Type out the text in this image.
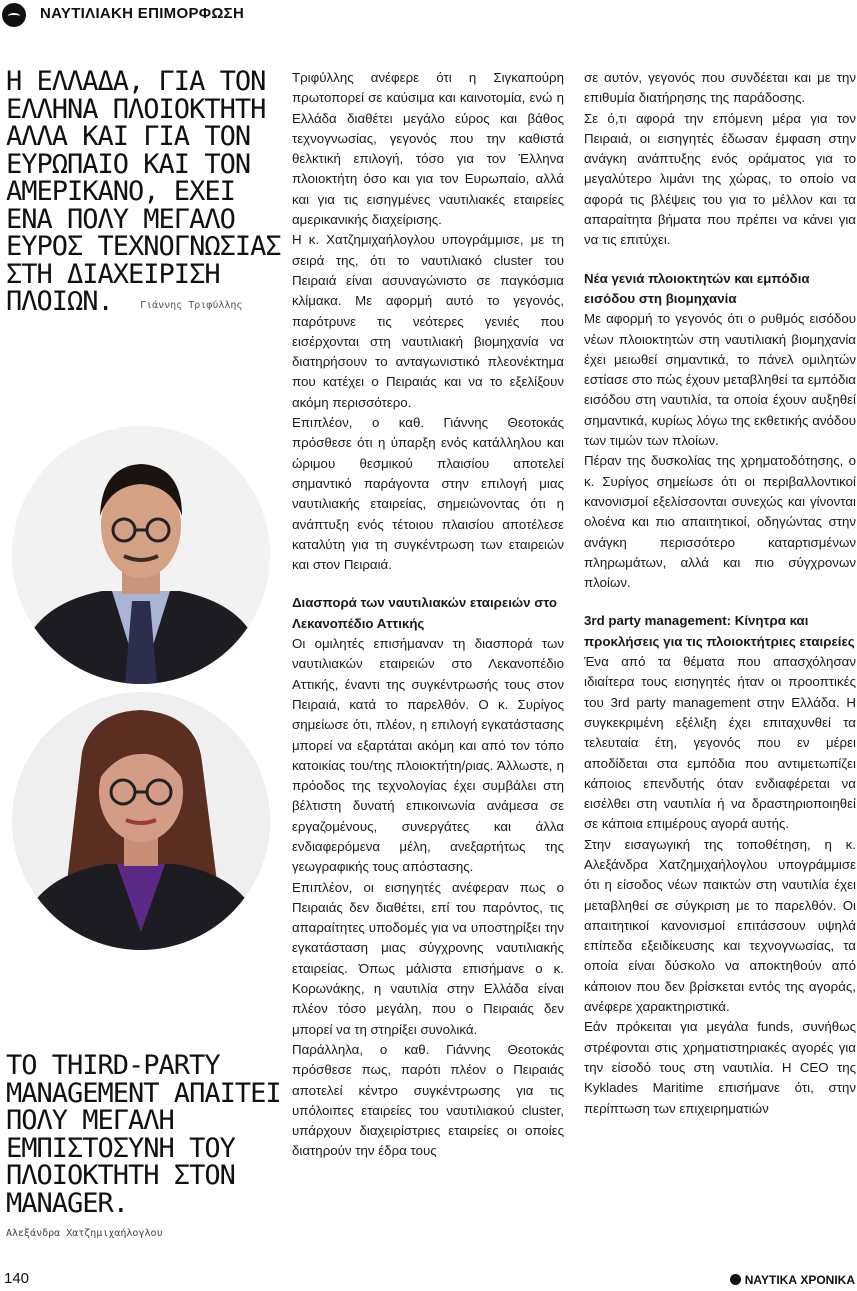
ΝΑΥΤΙΛΙΑΚΗ ΕΠΙΜΟΡΦΩΣΗ
Η ΕΛΛΑΔΑ, ΓΙΑ ΤΟΝ ΕΛΛΗΝΑ ΠΛΟΙΟΚΤΗΤΗ ΑΛΛΑ ΚΑΙ ΓΙΑ ΤΟΝ ΕΥΡΩΠΑΙΟ ΚΑΙ ΤΟΝ ΑΜΕΡΙΚΑΝΟ, ΕΧΕΙ ΕΝΑ ΠΟΛΥ ΜΕΓΑΛΟ ΕΥΡΟΣ ΤΕΧΝΟΓΝΩΣΙΑΣ ΣΤΗ ΔΙΑΧΕΙΡΙΣΗ ΠΛΟΙΩΝ.	Γιάννης Τριφύλλης
ΤΟ THIRD-PARTY MANAGEMENT ΑΠΑΙΤΕΙ ΠΟΛΥ ΜΕΓΑΛΗ ΕΜΠΙΣΤΟΣΥΝΗ ΤΟΥ ΠΛΟΙΟΚΤΗΤΗ ΣΤΟΝ MANAGER.
Αλεξάνδρα Χατζημιχαήλογλου

Τριφύλλης ανέφερε ότι η Σιγκαπούρη πρωτοπορεί σε καύσιμα και καινοτομία, ενώ η Ελλάδα διαθέτει μεγάλο εύρος και βάθος τεχνογνωσίας, γεγονός που την καθιστά θελκτική επιλογή, τόσο για τον Έλληνα πλοιοκτήτη όσο και για τον Ευρωπαίο, αλλά και για τις εισηγμένες ναυτιλιακές εταιρείες αμερικανικής διαχείρισης.

Η κ. Χατζημιχαήλογλου υπογράμμισε, με τη σειρά της, ότι το ναυτιλιακό cluster του Πειραιά είναι ασυναγώνιστο σε παγκόσμια κλίμακα. Με αφορμή αυτό το γεγονός, παρότρυνε τις νεότερες γενιές που εισέρχονται στη ναυτιλιακή βιομηχανία να διατηρήσουν το ανταγωνιστικό πλεονέκτημα που κατέχει ο Πειραιάς και να το εξελίξουν ακόμη περισσότερο.

Επιπλέον, ο καθ. Γιάννης Θεοτοκάς πρόσθεσε ότι η ύπαρξη ενός κατάλληλου και ώριμου θεσμικού πλαισίου αποτελεί σημαντικό παράγοντα στην επιλογή μιας ναυτιλιακής εταιρείας, σημειώνοντας ότι η ανάπτυξη ενός τέτοιου πλαισίου αποτέλεσε καταλύτη για τη συγκέντρωση των εταιρειών και στον Πειραιά.

Διασπορά των ναυτιλιακών εταιρειών στο Λεκανοπέδιο Αττικής

Οι ομιλητές επισήμαναν τη διασπορά των ναυτιλιακών εταιρειών στο Λεκανοπέδιο Αττικής, έναντι της συγκέντρωσής τους στον Πειραιά, κατά το παρελθόν. Ο κ. Συρίγος σημείωσε ότι, πλέον, η επιλογή εγκατάστασης μπορεί να εξαρτάται ακόμη και από τον τόπο κατοικίας του/της πλοιοκτήτη/ριας. Άλλωστε, η πρόοδος της τεχνολογίας έχει συμβάλει στη βέλτιστη δυνατή επικοινωνία ανάμεσα σε εργαζομένους, συνεργάτες και άλλα ενδιαφερόμενα μέλη, ανεξαρτήτως της γεωγραφικής τους απόστασης.

Επιπλέον, οι εισηγητές ανέφεραν πως ο Πειραιάς δεν διαθέτει, επί του παρόντος, τις απαραίτητες υποδομές για να υποστηρίξει την εγκατάσταση μιας σύγχρονης ναυτιλιακής εταιρείας. Όπως μάλιστα επισήμανε ο κ. Κορωνάκης, η ναυτιλία στην Ελλάδα είναι πλέον τόσο μεγάλη, που ο Πειραιάς δεν μπορεί να τη στηρίξει συνολικά.

Παράλληλα, ο καθ. Γιάννης Θεοτοκάς πρόσθεσε πως, παρότι πλέον ο Πειραιάς αποτελεί κέντρο συγκέντρωσης για τις υπόλοιπες εταιρείες του ναυτιλιακού cluster, υπάρχουν διαχειρίστριες εταιρείες οι οποίες διατηρούν την έδρα τους

σε αυτόν, γεγονός που συνδέεται και με την επιθυμία διατήρησης της παράδοσης.

Σε ό,τι αφορά την επόμενη μέρα για τον Πειραιά, οι εισηγητές έδωσαν έμφαση στην ανάγκη ανάπτυξης ενός οράματος για το μεγαλύτερο λιμάνι της χώρας, το οποίο να αφορά τις βλέψεις του για το μέλλον και τα απαραίτητα βήματα που πρέπει να κάνει για να τις επιτύχει.

Νέα γενιά πλοιοκτητών και εμπόδια εισόδου στη βιομηχανία

Με αφορμή το γεγονός ότι ο ρυθμός εισόδου νέων πλοιοκτητών στη ναυτιλιακή βιομηχανία έχει μειωθεί σημαντικά, το πάνελ ομιλητών εστίασε στο πώς έχουν μεταβληθεί τα εμπόδια εισόδου στη ναυτιλία, τα οποία έχουν αυξηθεί σημαντικά, κυρίως λόγω της εκθετικής ανόδου των τιμών των πλοίων.

Πέραν της δυσκολίας της χρηματοδότησης, ο κ. Συρίγος σημείωσε ότι οι περιβαλλοντικοί κανονισμοί εξελίσσονται συνεχώς και γίνονται ολοένα και πιο απαιτητικοί, οδηγώντας στην ανάγκη περισσότερο καταρτισμένων πληρωμάτων, αλλά και πιο σύγχρονων πλοίων.

3rd party management: Κίνητρα και προκλήσεις για τις πλοιοκτήτριες εταιρείες

Ένα από τα θέματα που απασχόλησαν ιδιαίτερα τους εισηγητές ήταν οι προοπτικές του 3rd party management στην Ελλάδα. Η συγκεκριμένη εξέλιξη έχει επιταχυνθεί τα τελευταία έτη, γεγονός που εν μέρει αποδίδεται στα εμπόδια που αντιμετωπίζει κάποιος επενδυτής όταν ενδιαφέρεται να εισέλθει στη ναυτιλία ή να δραστηριοποιηθεί σε κάποια επιμέρους αγορά αυτής.

Στην εισαγωγική της τοποθέτηση, η κ. Αλεξάνδρα Χατζημιχαήλογλου υπογράμμισε ότι η είσοδος νέων παικτών στη ναυτιλία έχει μεταβληθεί σε σύγκριση με το παρελθόν. Οι απαιτητικοί κανονισμοί επιτάσσουν υψηλά επίπεδα εξειδίκευσης και τεχνογνωσίας, τα οποία είναι δύσκολο να αποκτηθούν από κάποιον που δεν βρίσκεται εντός της αγοράς, ανέφερε χαρακτηριστικά.

Εάν πρόκειται για μεγάλα funds, συνήθως στρέφονται στις χρηματιστηριακές αγορές για την είσοδό τους στη ναυτιλία. Η CEO της Kyklades Maritime επισήμανε ότι, στην περίπτωση των επιχειρηματιών

140	ΝΑΥΤΙΚΑ ΧΡΟΝΙΚΑ
